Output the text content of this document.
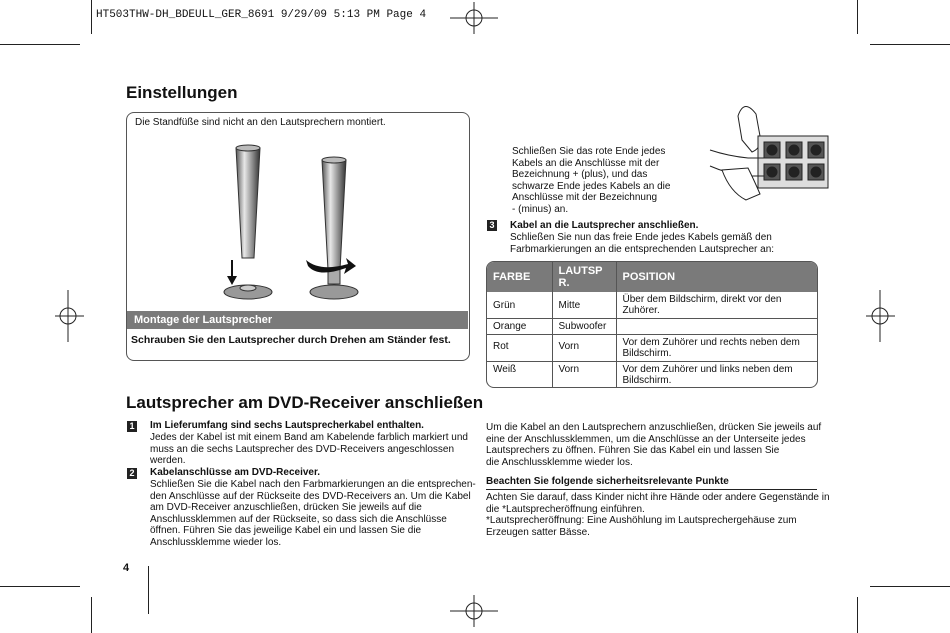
HT503THW-DH_BDEULL_GER_8691 9/29/09 5:13 PM Page 4
Einstellungen
Die Standfüße sind nicht an den Lautsprechern montiert.
Montage der Lautsprecher
Schrauben Sie den Lautsprecher durch Drehen am Ständer fest.
Lautsprecher am DVD-Receiver anschließen
1 Im Lieferumfang sind sechs Lautsprecherkabel enthalten.
Jedes der Kabel ist mit einem Band am Kabelende farblich markiert und
muss an die sechs Lautsprecher des DVD-Receivers angeschlossen
werden.
2 Kabelanschlüsse am DVD-Receiver.
Schließen Sie die Kabel nach den Farbmarkierungen an die entsprechen-
den Anschlüsse auf der Rückseite des DVD-Receivers an. Um die Kabel
am DVD-Receiver anzuschließen, drücken Sie jeweils auf die
Anschlussklemmen auf der Rückseite, so dass sich die Anschlüsse
öffnen. Führen Sie das jeweilige Kabel ein und lassen Sie die
Anschlussklemme wieder los.
4
Schließen Sie das rote Ende jedes
Kabels an die Anschlüsse mit der
Bezeichnung + (plus), und das
schwarze Ende jedes Kabels an die
Anschlüsse mit der Bezeichnung
- (minus) an.
3 Kabel an die Lautsprecher anschließen.
Schließen Sie nun das freie Ende jedes Kabels gemäß den
Farbmarkierungen an die entsprechenden Lautsprecher an:
FARBE	LAUTSP R.	POSITION
Grün	Mitte	Über dem Bildschirm, direkt vor den
Zuhörer.

Orange	Subwoofer	
Rot	Vorn	Vor dem Zuhörer und rechts neben dem
Bildschirm.

Weiß	Vorn	Vor dem Zuhörer und links neben dem
Bildschirm.
Um die Kabel an den Lautsprechern anzuschließen, drücken Sie jeweils auf
eine der Anschlussklemmen, um die Anschlüsse an der Unterseite jedes
Lautsprechers zu öffnen. Führen Sie das Kabel ein und lassen Sie
die Anschlussklemme wieder los.
Beachten Sie folgende sicherheitsrelevante Punkte
Achten Sie darauf, dass Kinder nicht ihre Hände oder andere Gegenstände in
die *Lautsprecheröffnung einführen.
*Lautsprecheröffnung: Eine Aushöhlung im Lautsprechergehäuse zum
Erzeugen satter Bässe.
